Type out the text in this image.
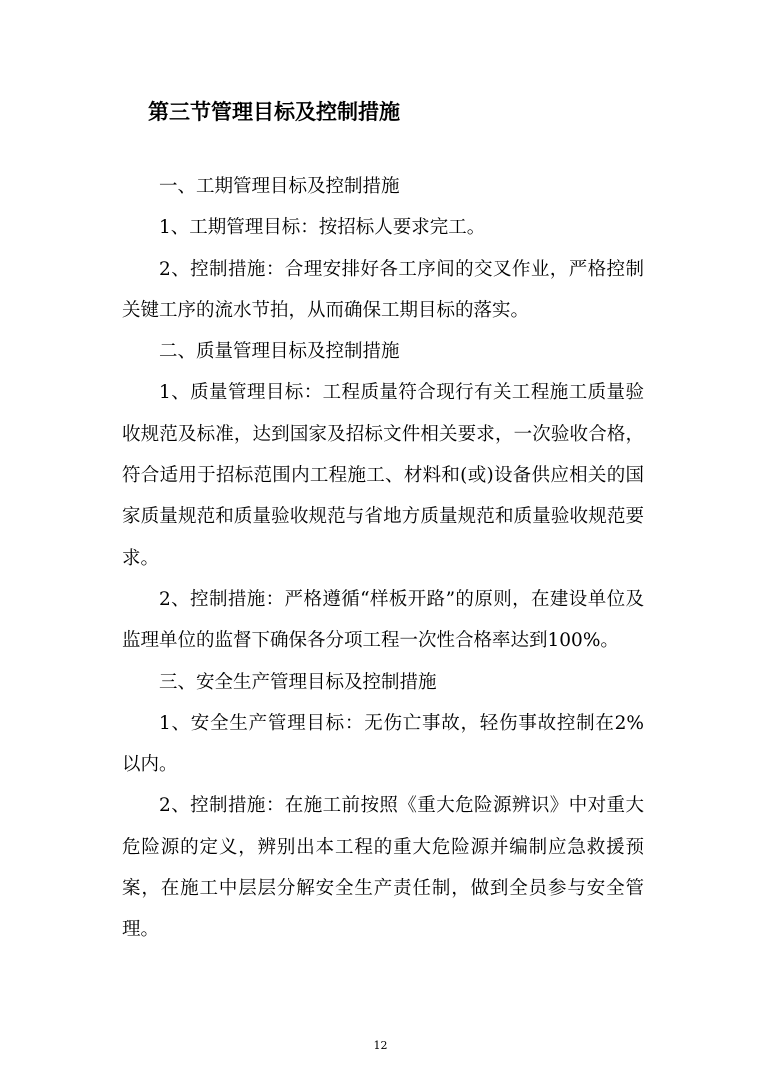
第三节管理目标及控制措施

一、工期管理目标及控制措施

1、工期管理目标：按招标人要求完工。

2、控制措施：合理安排好各工序间的交叉作业，严格控制关键工序的流水节拍，从而确保工期目标的落实。

二、质量管理目标及控制措施

1、质量管理目标：工程质量符合现行有关工程施工质量验收规范及标准，达到国家及招标文件相关要求，一次验收合格，符合适用于招标范围内工程施工、材料和(或)设备供应相关的国家质量规范和质量验收规范与省地方质量规范和质量验收规范要求。

2、控制措施：严格遵循“样板开路”的原则，在建设单位及监理单位的监督下确保各分项工程一次性合格率达到100%。

三、安全生产管理目标及控制措施

1、安全生产管理目标：无伤亡事故，轻伤事故控制在2%以内。

2、控制措施：在施工前按照《重大危险源辨识》中对重大危险源的定义，辨别出本工程的重大危险源并编制应急救援预案，在施工中层层分解安全生产责任制，做到全员参与安全管理。

12
